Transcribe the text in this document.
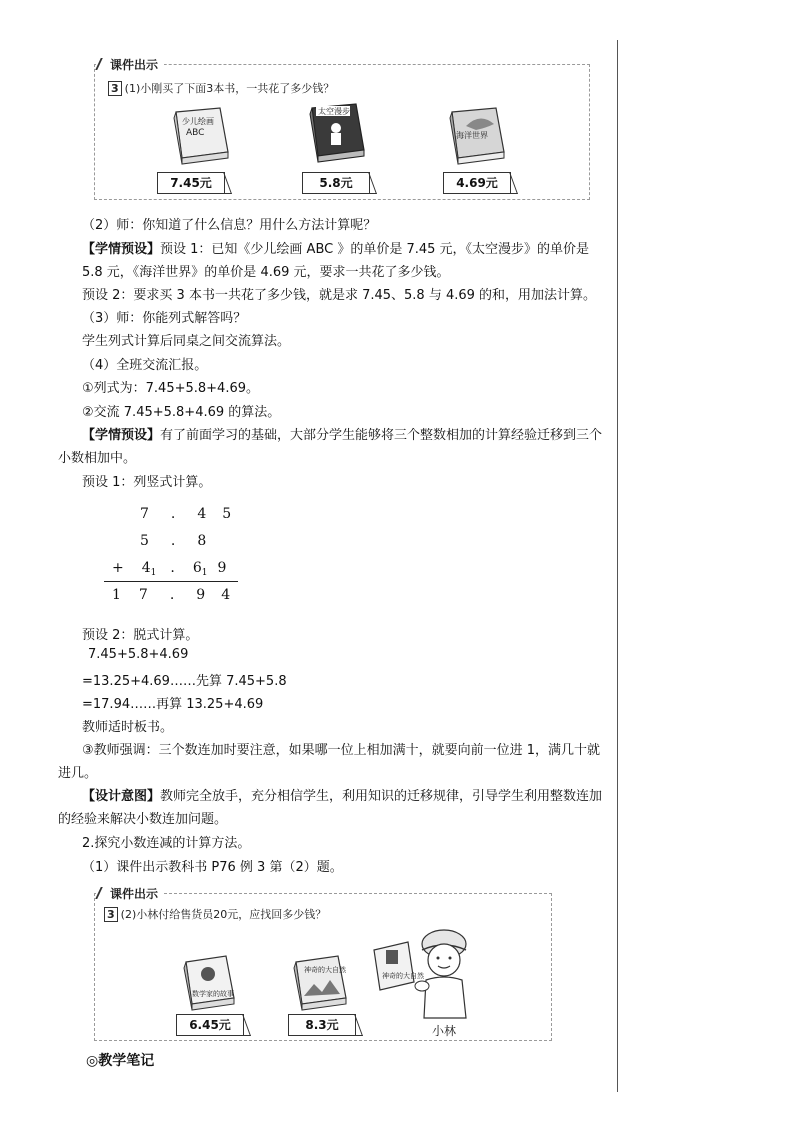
课件出示
3 (1)小刚买了下面3本书，一共花了多少钱？
少儿绘画
ABC
7.45元
太空漫步
5.8元
海洋世界
4.69元
（2）师：你知道了什么信息？用什么方法计算呢？
【学情预设】预设 1：已知《少儿绘画 ABC 》的单价是 7.45 元，《太空漫步》的单价是
5.8 元，《海洋世界》的单价是 4.69 元，要求一共花了多少钱。
预设 2：要求买 3 本书一共花了多少钱，就是求 7.45、5.8 与 4.69 的和，用加法计算。
（3）师：你能列式解答吗？
学生列式计算后同桌之间交流算法。
（4）全班交流汇报。
①列式为：7.45+5.8+4.69。
②交流 7.45+5.8+4.69 的算法。
【学情预设】有了前面学习的基础，大部分学生能够将三个整数相加的计算经验迁移到三个小数相加中。
预设 1：列竖式计算。
7 . 4 5
5 . 8
+ $4_1$ . $6_1$ 9
1 7 . 9 4
预设 2：脱式计算。
7.45+5.8+4.69
=13.25+4.69……先算 7.45+5.8
=17.94……再算 13.25+4.69
教师适时板书。
③教师强调：三个数连加时要注意，如果哪一位上相加满十，就要向前一位进 1，满几十就进几。
【设计意图】教师完全放手，充分相信学生，利用知识的迁移规律，引导学生利用整数连加的经验来解决小数连加问题。
2.探究小数连减的计算方法。
（1）课件出示教科书 P76 例 3 第（2）题。
课件出示
3 (2)小林付给售货员20元，应找回多少钱？
数学家的故事
6.45元
神奇的大自然
8.3元
神奇的大自然
小林
◎教学笔记
